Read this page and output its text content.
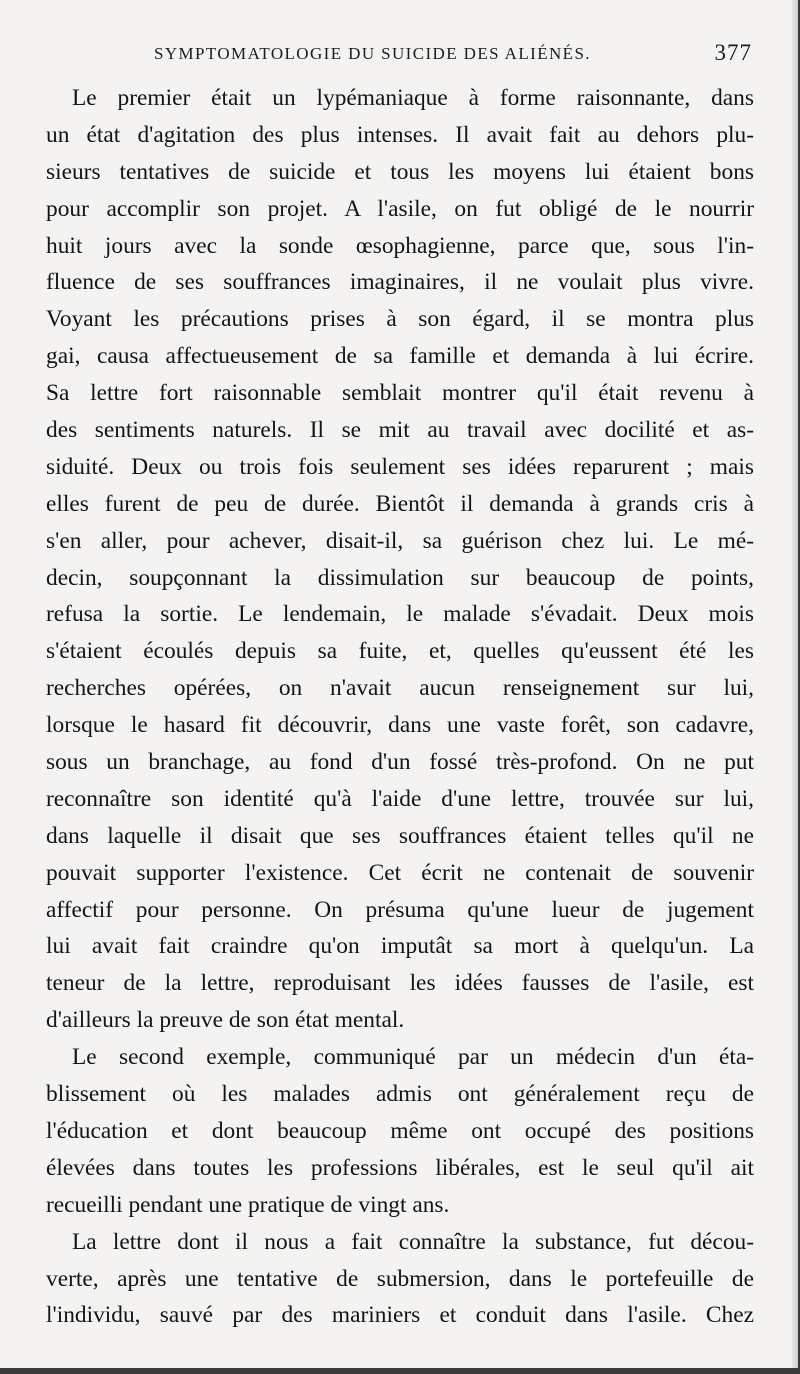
SYMPTOMATOLOGIE DU SUICIDE DES ALIÉNÉS.	377
Le premier était un lypémaniaque à forme raisonnante, dans
un état d'agitation des plus intenses. Il avait fait au dehors plu-
sieurs tentatives de suicide et tous les moyens lui étaient bons
pour accomplir son projet. A l'asile, on fut obligé de le nourrir
huit jours avec la sonde œsophagienne, parce que, sous l'in-
fluence de ses souffrances imaginaires, il ne voulait plus vivre.
Voyant les précautions prises à son égard, il se montra plus
gai, causa affectueusement de sa famille et demanda à lui écrire.
Sa lettre fort raisonnable semblait montrer qu'il était revenu à
des sentiments naturels. Il se mit au travail avec docilité et as-
siduité. Deux ou trois fois seulement ses idées reparurent ; mais
elles furent de peu de durée. Bientôt il demanda à grands cris à
s'en aller, pour achever, disait-il, sa guérison chez lui. Le mé-
decin, soupçonnant la dissimulation sur beaucoup de points,
refusa la sortie. Le lendemain, le malade s'évadait. Deux mois
s'étaient écoulés depuis sa fuite, et, quelles qu'eussent été les
recherches opérées, on n'avait aucun renseignement sur lui,
lorsque le hasard fit découvrir, dans une vaste forêt, son cadavre,
sous un branchage, au fond d'un fossé très-profond. On ne put
reconnaître son identité qu'à l'aide d'une lettre, trouvée sur lui,
dans laquelle il disait que ses souffrances étaient telles qu'il ne
pouvait supporter l'existence. Cet écrit ne contenait de souvenir
affectif pour personne. On présuma qu'une lueur de jugement
lui avait fait craindre qu'on imputât sa mort à quelqu'un. La
teneur de la lettre, reproduisant les idées fausses de l'asile, est
d'ailleurs la preuve de son état mental.
Le second exemple, communiqué par un médecin d'un éta-
blissement où les malades admis ont généralement reçu de
l'éducation et dont beaucoup même ont occupé des positions
élevées dans toutes les professions libérales, est le seul qu'il ait
recueilli pendant une pratique de vingt ans.
La lettre dont il nous a fait connaître la substance, fut décou-
verte, après une tentative de submersion, dans le portefeuille de
l'individu, sauvé par des mariniers et conduit dans l'asile. Chez
